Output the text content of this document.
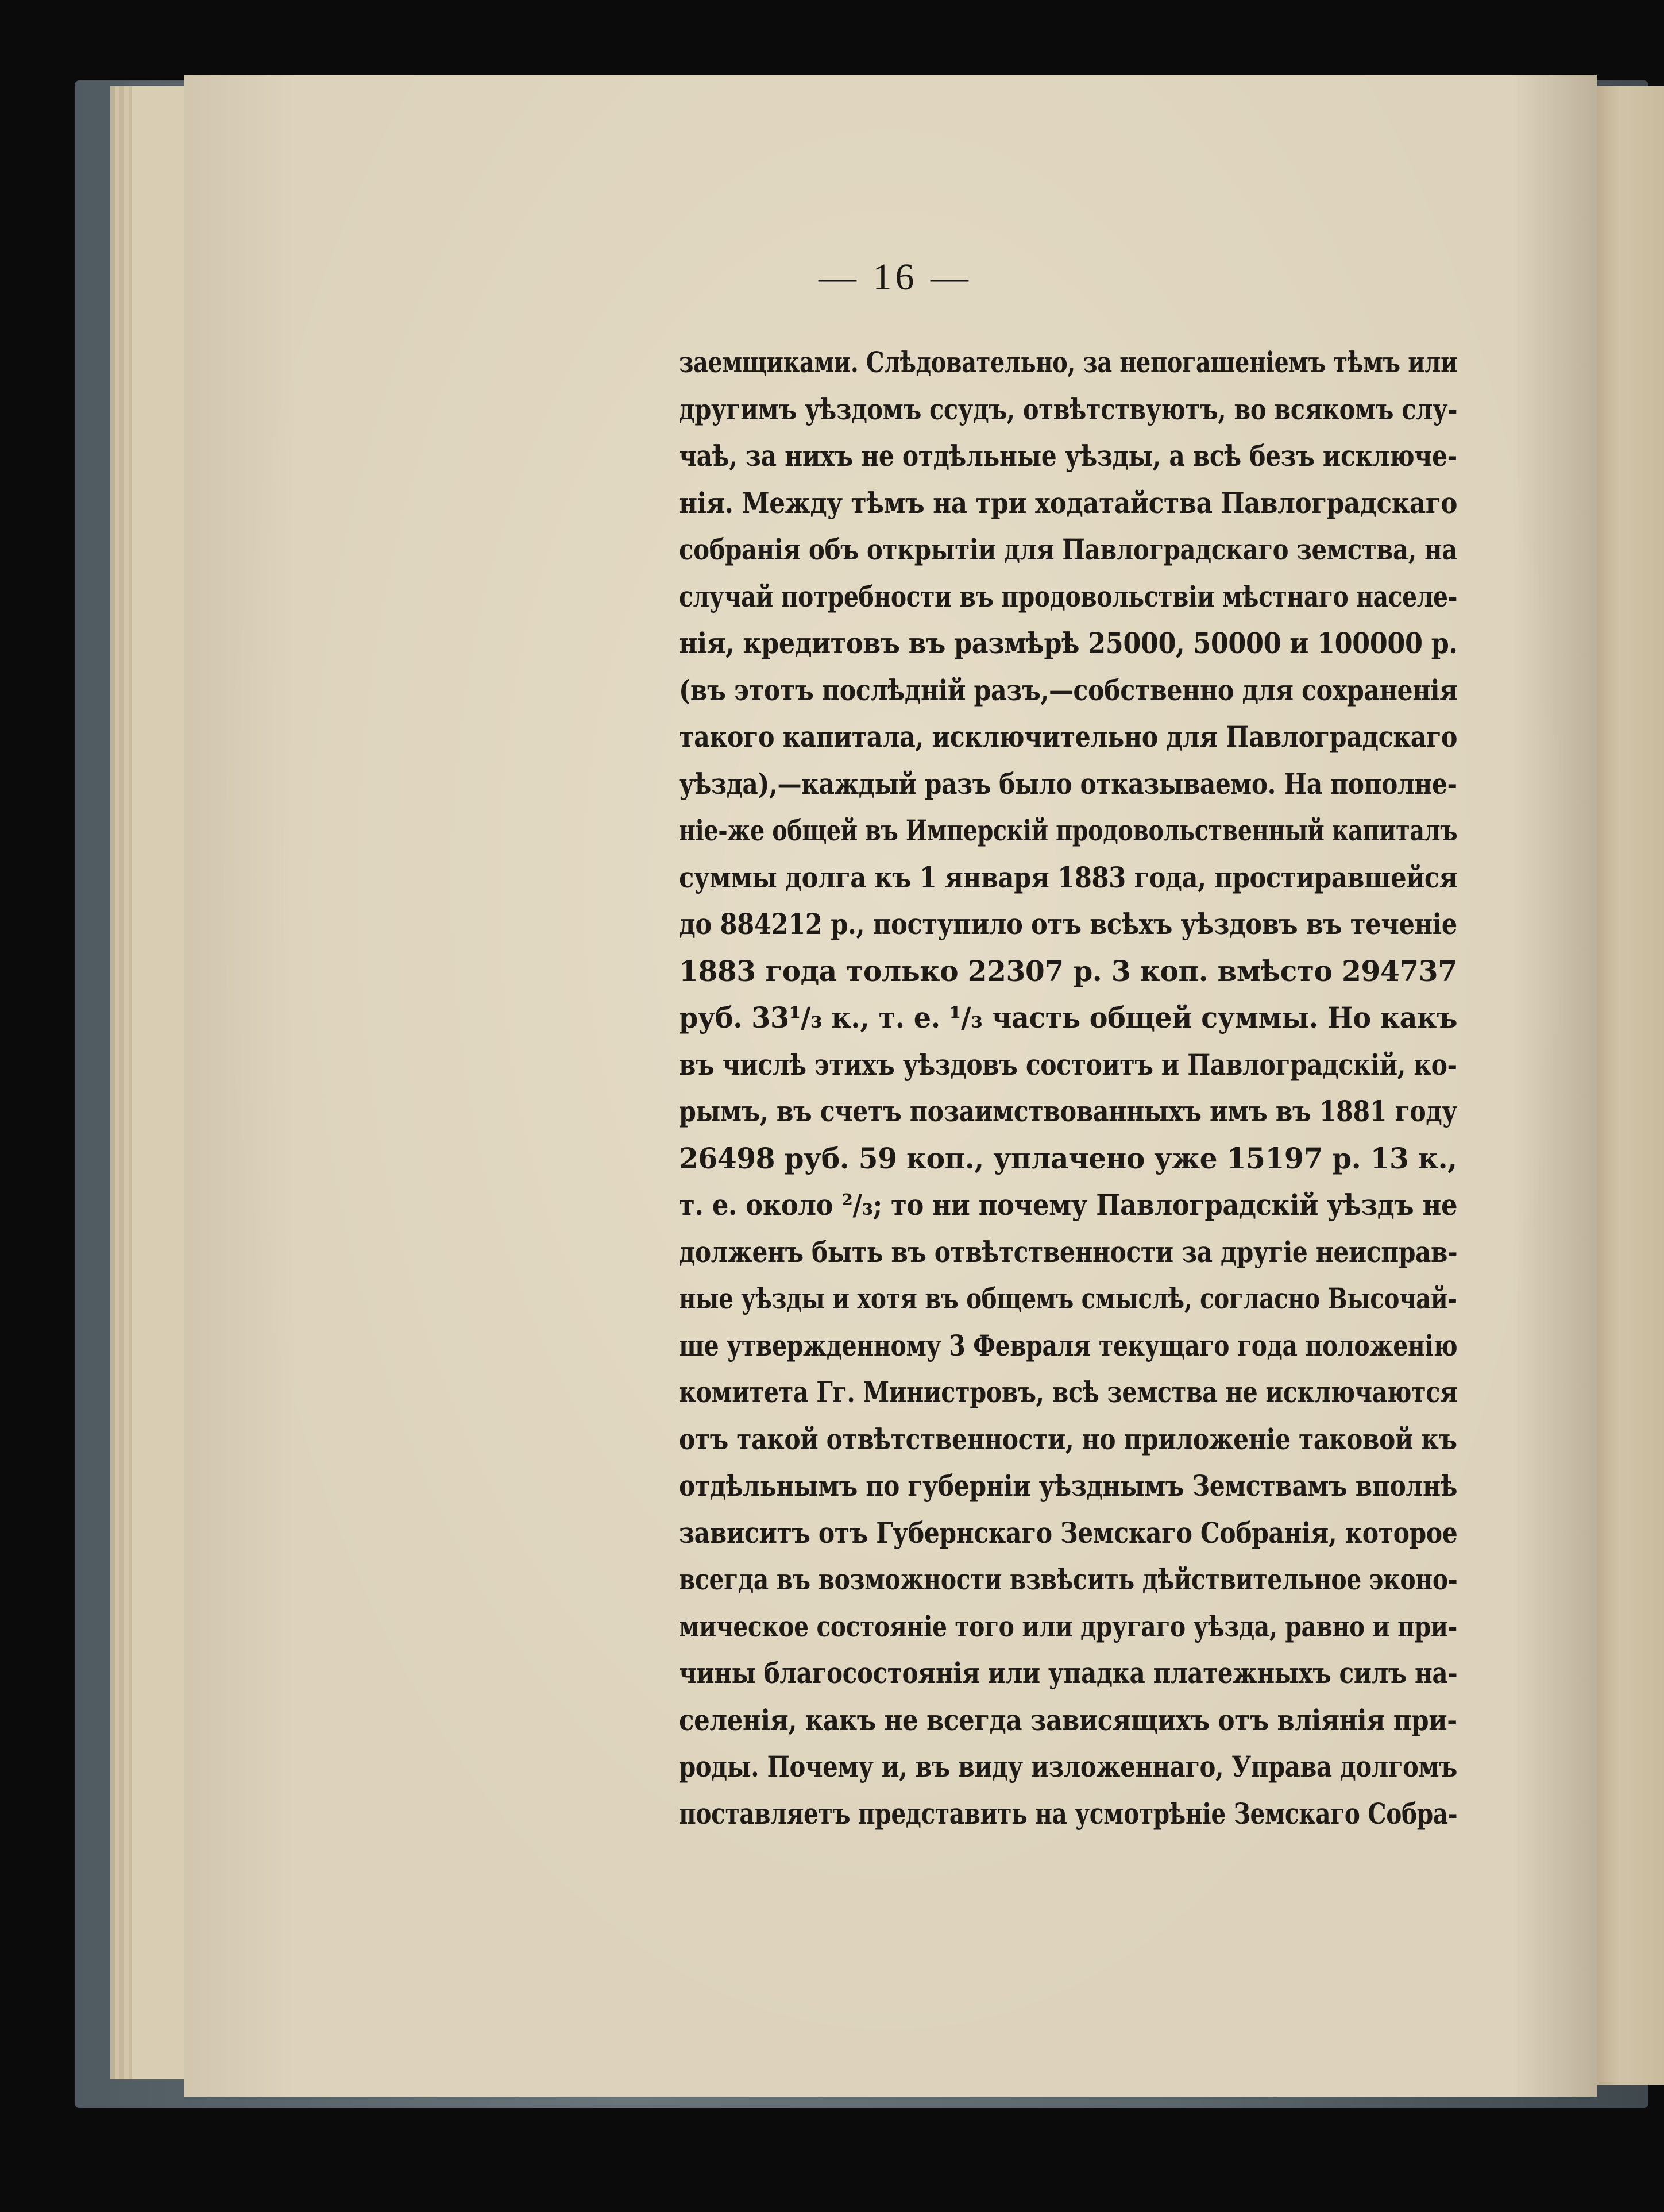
— 16 —
заемщиками. Слѣдовательно, за непогашеніемъ тѣмъ или
другимъ уѣздомъ ссудъ, отвѣтствуютъ, во всякомъ слу-
чаѣ, за нихъ не отдѣльные уѣзды, а всѣ безъ исключе-
нія. Между тѣмъ на три ходатайства Павлоградскаго
собранія объ открытіи для Павлоградскаго земства, на
случай потребности въ продовольствіи мѣстнаго населе-
нія, кредитовъ въ размѣрѣ 25000, 50000 и 100000 р.
(въ этотъ послѣдній разъ,—собственно для сохраненія
такого капитала, исключительно для Павлоградскаго
уѣзда),—каждый разъ было отказываемо. На пополне-
ніе-же общей въ Имперскій продовольственный капиталъ
суммы долга къ 1 января 1883 года, простиравшейся
до 884212 р., поступило отъ всѣхъ уѣздовъ въ теченіе
1883 года только 22307 р. 3 коп. вмѣсто 294737
руб. 33¹/₃ к., т. е. ¹/₃ часть общей суммы. Но какъ
въ числѣ этихъ уѣздовъ состоитъ и Павлоградскій, ко-
рымъ, въ счетъ позаимствованныхъ имъ въ 1881 году
26498 руб. 59 коп., уплачено уже 15197 р. 13 к.,
т. е. около ²/₃; то ни почему Павлоградскій уѣздъ не
долженъ быть въ отвѣтственности за другіе неисправ-
ные уѣзды и хотя въ общемъ смыслѣ, согласно Высочай-
ше утвержденному 3 Февраля текущаго года положенію
комитета Гг. Министровъ, всѣ земства не исключаются
отъ такой отвѣтственности, но приложеніе таковой къ
отдѣльнымъ по губерніи уѣзднымъ Земствамъ вполнѣ
зависитъ отъ Губернскаго Земскаго Собранія, которое
всегда въ возможности взвѣсить дѣйствительное эконо-
мическое состояніе того или другаго уѣзда, равно и при-
чины благосостоянія или упадка платежныхъ силъ на-
селенія, какъ не всегда зависящихъ отъ вліянія при-
роды. Почему и, въ виду изложеннаго, Управа долгомъ
поставляетъ представить на усмотрѣніе Земскаго Собра-
